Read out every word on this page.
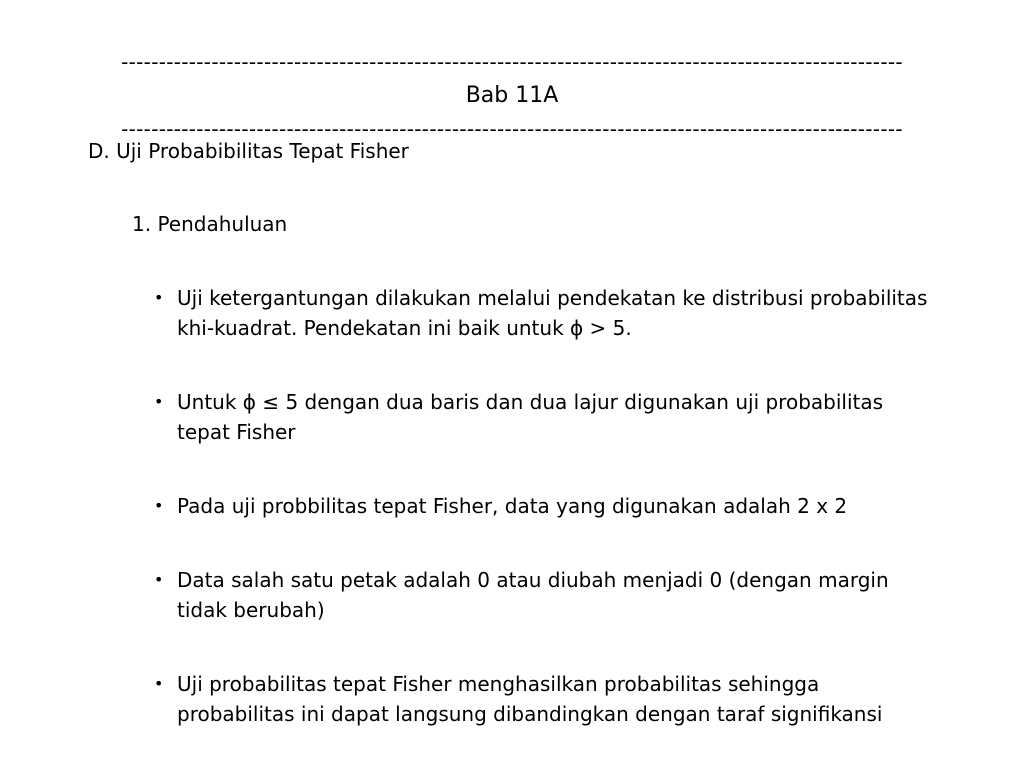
--------------------------------------------------------------------------------------------------------
Bab 11A
--------------------------------------------------------------------------------------------------------
D. Uji Probabibilitas Tepat Fisher
1. Pendahuluan
• Uji ketergantungan dilakukan melalui pendekatan ke distribusi probabilitas khi-kuadrat. Pendekatan ini baik untuk ϕ > 5.
• Untuk ϕ ≤ 5 dengan dua baris dan dua lajur digunakan uji probabilitas tepat Fisher
• Pada uji probbilitas tepat Fisher, data yang digunakan adalah 2 x 2
• Data salah satu petak adalah 0 atau diubah menjadi 0 (dengan margin tidak berubah)
• Uji probabilitas tepat Fisher menghasilkan probabilitas sehingga probabilitas ini dapat langsung dibandingkan dengan taraf signifikansi
